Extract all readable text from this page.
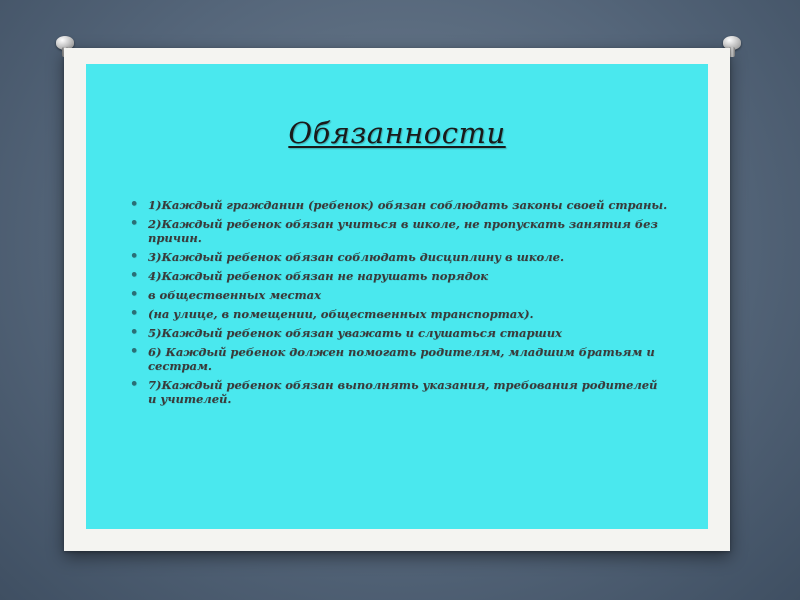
Обязанности
• 1)Каждый гражданин (ребенок) обязан соблюдать законы своей страны.
• 2)Каждый ребенок обязан учиться в школе, не пропускать занятия без причин.
• 3)Каждый ребенок обязан соблюдать дисциплину в школе.
• 4)Каждый ребенок обязан не нарушать порядок
• в общественных местах
• (на улице, в помещении, общественных транспортах).
• 5)Каждый ребенок обязан уважать и слушаться старших
• 6) Каждый ребенок должен помогать родителям, младшим братьям и сестрам.
• 7)Каждый ребенок обязан выполнять указания, требования родителей и учителей.
